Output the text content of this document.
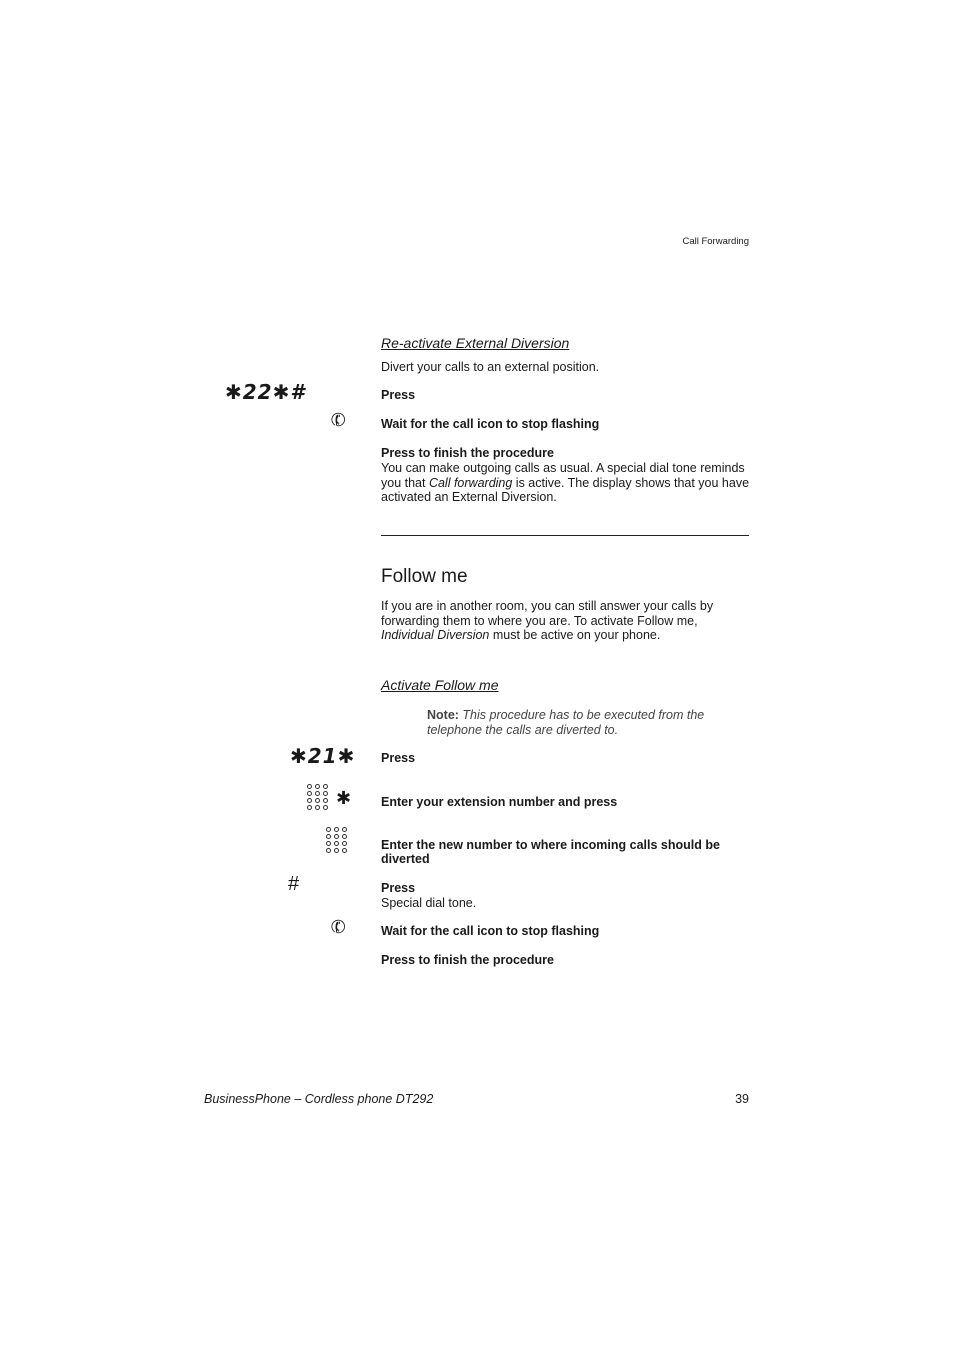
Call Forwarding
Re-activate External Diversion
Divert your calls to an external position.
✱22✱#	Press
✆	Wait for the call icon to stop flashing
Press to finish the procedure
You can make outgoing calls as usual. A special dial tone reminds you that Call forwarding is active. The display shows that you have activated an External Diversion.
Follow me
If you are in another room, you can still answer your calls by forwarding them to where you are. To activate Follow me, Individual Diversion must be active on your phone.
Activate Follow me
Note: This procedure has to be executed from the telephone the calls are diverted to.
✱21✱ Press
✱ Enter your extension number and press
Enter the new number to where incoming calls should be diverted
#	Press
Special dial tone.
✆	Wait for the call icon to stop flashing
Press to finish the procedure
BusinessPhone – Cordless phone DT292	39
